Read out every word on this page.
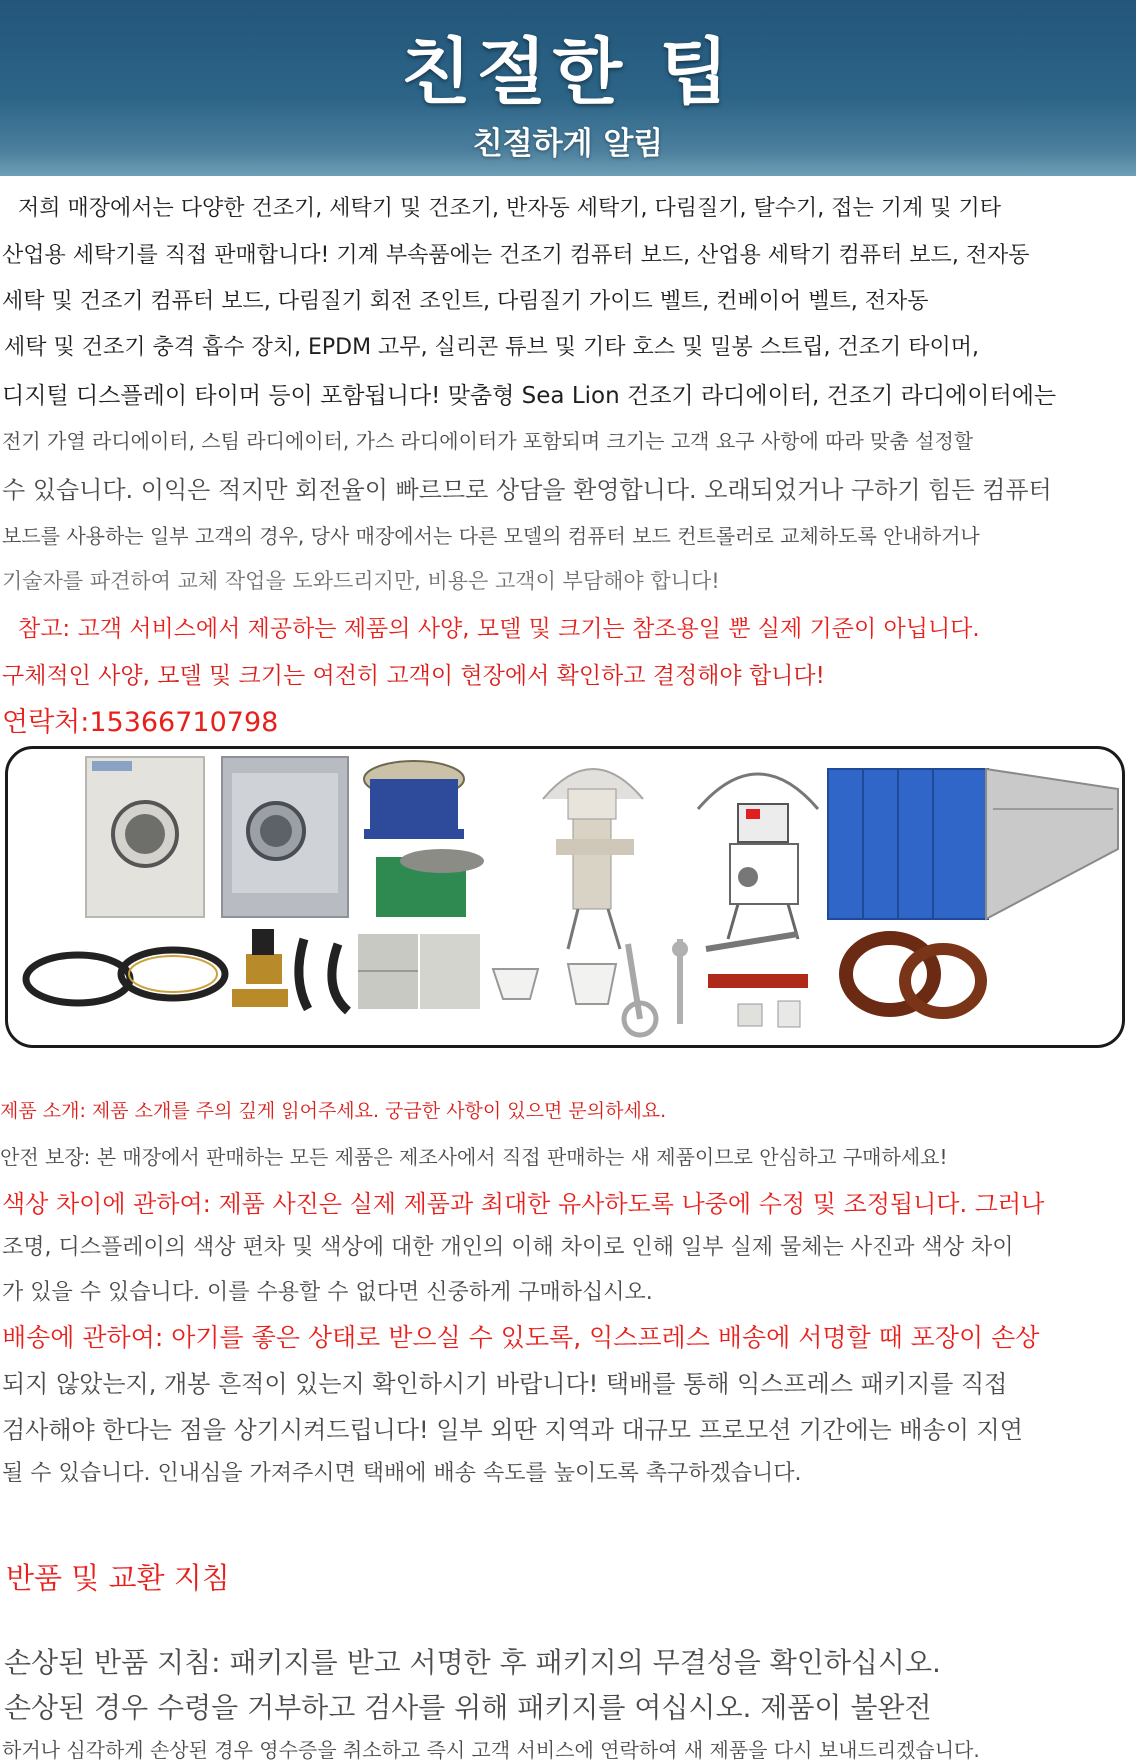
친절한 팁
친절하게 알림

저희 매장에서는 다양한 건조기, 세탁기 및 건조기, 반자동 세탁기, 다림질기, 탈수기, 접는 기계 및 기타

산업용 세탁기를 직접 판매합니다! 기계 부속품에는 건조기 컴퓨터 보드, 산업용 세탁기 컴퓨터 보드, 전자동

세탁 및 건조기 컴퓨터 보드, 다림질기 회전 조인트, 다림질기 가이드 벨트, 컨베이어 벨트, 전자동

세탁 및 건조기 충격 흡수 장치, EPDM 고무, 실리콘 튜브 및 기타 호스 및 밀봉 스트립, 건조기 타이머,

디지털 디스플레이 타이머 등이 포함됩니다! 맞춤형 Sea Lion 건조기 라디에이터, 건조기 라디에이터에는

전기 가열 라디에이터, 스팀 라디에이터, 가스 라디에이터가 포함되며 크기는 고객 요구 사항에 따라 맞춤 설정할

수 있습니다. 이익은 적지만 회전율이 빠르므로 상담을 환영합니다. 오래되었거나 구하기 힘든 컴퓨터

보드를 사용하는 일부 고객의 경우, 당사 매장에서는 다른 모델의 컴퓨터 보드 컨트롤러로 교체하도록 안내하거나

기술자를 파견하여 교체 작업을 도와드리지만, 비용은 고객이 부담해야 합니다!

참고: 고객 서비스에서 제공하는 제품의 사양, 모델 및 크기는 참조용일 뿐 실제 기준이 아닙니다.

구체적인 사양, 모델 및 크기는 여전히 고객이 현장에서 확인하고 결정해야 합니다!

연락처:15366710798

제품 소개: 제품 소개를 주의 깊게 읽어주세요. 궁금한 사항이 있으면 문의하세요.

안전 보장: 본 매장에서 판매하는 모든 제품은 제조사에서 직접 판매하는 새 제품이므로 안심하고 구매하세요!

색상 차이에 관하여: 제품 사진은 실제 제품과 최대한 유사하도록 나중에 수정 및 조정됩니다. 그러나

조명, 디스플레이의 색상 편차 및 색상에 대한 개인의 이해 차이로 인해 일부 실제 물체는 사진과 색상 차이

가 있을 수 있습니다. 이를 수용할 수 없다면 신중하게 구매하십시오.

배송에 관하여: 아기를 좋은 상태로 받으실 수 있도록, 익스프레스 배송에 서명할 때 포장이 손상

되지 않았는지, 개봉 흔적이 있는지 확인하시기 바랍니다! 택배를 통해 익스프레스 패키지를 직접

검사해야 한다는 점을 상기시켜드립니다! 일부 외딴 지역과 대규모 프로모션 기간에는 배송이 지연

될 수 있습니다. 인내심을 가져주시면 택배에 배송 속도를 높이도록 촉구하겠습니다.

반품 및 교환 지침

손상된 반품 지침: 패키지를 받고 서명한 후 패키지의 무결성을 확인하십시오.

손상된 경우 수령을 거부하고 검사를 위해 패키지를 여십시오. 제품이 불완전

하거나 심각하게 손상된 경우 영수증을 취소하고 즉시 고객 서비스에 연락하여 새 제품을 다시 보내드리겠습니다.
